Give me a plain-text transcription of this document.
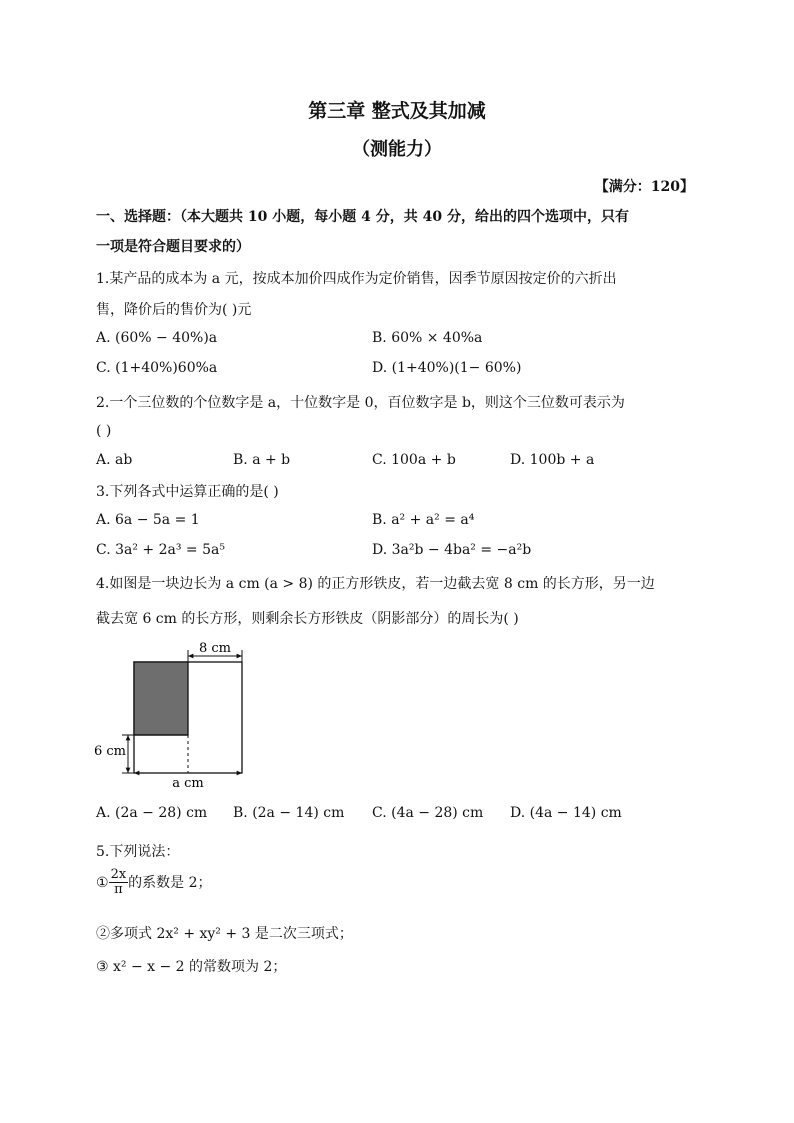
第三章 整式及其加减
（测能力）
【满分：120】
一、选择题：（本大题共 10 小题，每小题 4 分，共 40 分，给出的四个选项中，只有
一项是符合题目要求的）
1.某产品的成本为 a 元，按成本加价四成作为定价销售，因季节原因按定价的六折出
售，降价后的售价为( )元
A. (60% − 40%)a	B. 60% × 40%a
C. (1+40%)60%a	D. (1+40%)(1− 60%)
2.一个三位数的个位数字是 a，十位数字是 0，百位数字是 b，则这个三位数可表示为
( )
A. ab	B. a + b	C. 100a + b	D. 100b + a
3.下列各式中运算正确的是( )
A. 6a − 5a = 1	B. a² + a² = a⁴
C. 3a² + 2a³ = 5a⁵	D. 3a²b − 4ba² = −a²b
4.如图是一块边长为 a cm (a > 8) 的正方形铁皮，若一边截去宽 8 cm 的长方形，另一边
截去宽 6 cm 的长方形，则剩余长方形铁皮（阴影部分）的周长为( )
8 cm
6 cm
a cm
A. (2a − 28) cm B. (2a − 14) cm C. (4a − 28) cm D. (4a − 14) cm
5.下列说法：
① $\frac{2x}{\pi}$ 的系数是 2；
②多项式 2x² + xy² + 3 是二次三项式；
③ x² − x − 2 的常数项为 2；
